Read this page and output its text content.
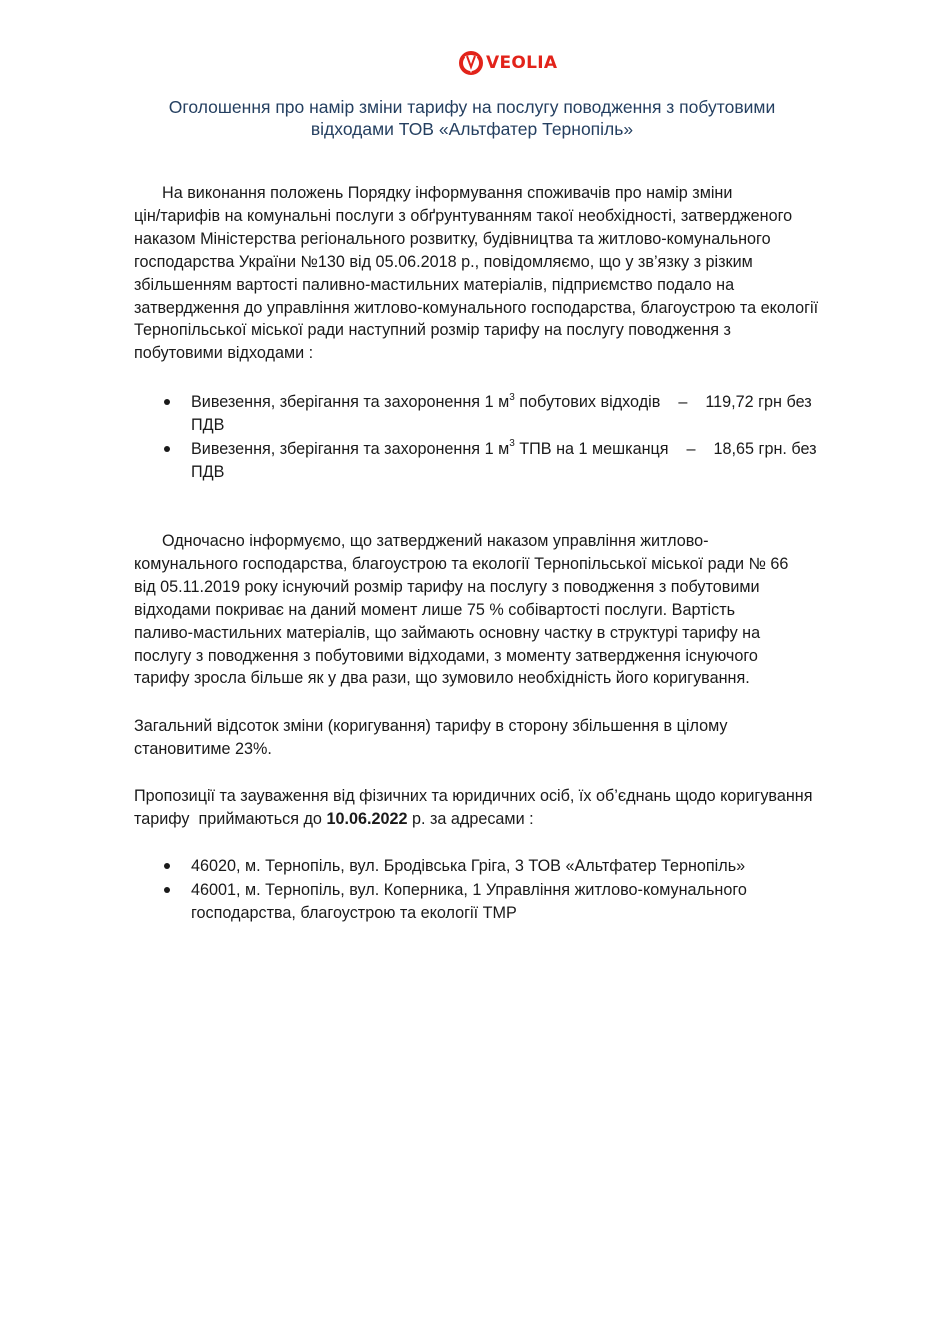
VEOLIA
Оголошення про намір зміни тарифу на послугу поводження з побутовими
відходами ТОВ «Альтфатер Тернопіль»
На виконання положень Порядку інформування споживачів про намір зміни
цін/тарифів на комунальні послуги з обґрунтуванням такої необхідності, затвердженого
наказом Міністерства регіонального розвитку, будівництва та житлово-комунального
господарства України №130 від 05.06.2018 р., повідомляємо, що у зв’язку з різким
збільшенням вартості паливно-мастильних матеріалів, підприємство подало на
затвердження до управління житлово-комунального господарства, благоустрою та екології
Тернопільської міської ради наступний розмір тарифу на послугу поводження з
побутовими відходами :
Вивезення, зберігання та захоронення 1 $м^3$ побутових відходів    –    119,72 грн без
ПДВ
Вивезення, зберігання та захоронення 1 $м^3$ ТПВ на 1 мешканця    –    18,65 грн. без
ПДВ
Одночасно інформуємо, що затверджений наказом управління житлово-
комунального господарства, благоустрою та екології Тернопільської міської ради № 66
від 05.11.2019 року існуючий розмір тарифу на послугу з поводження з побутовими
відходами покриває на даний момент лише 75 % собівартості послуги. Вартість
паливо-мастильних матеріалів, що займають основну частку в структурі тарифу на
послугу з поводження з побутовими відходами, з моменту затвердження існуючого
тарифу зросла більше як у два рази, що зумовило необхідність його коригування.
Загальний відсоток зміни (коригування) тарифу в сторону збільшення в цілому
становитиме 23%.
Пропозиції та зауваження від фізичних та юридичних осіб, їх об’єднань щодо коригування
тарифу  приймаються до 10.06.2022 р. за адресами :
46020, м. Тернопіль, вул. Бродівська Гріга, 3 ТОВ «Альтфатер Тернопіль»
46001, м. Тернопіль, вул. Коперника, 1 Управління житлово-комунального
господарства, благоустрою та екології ТМР
